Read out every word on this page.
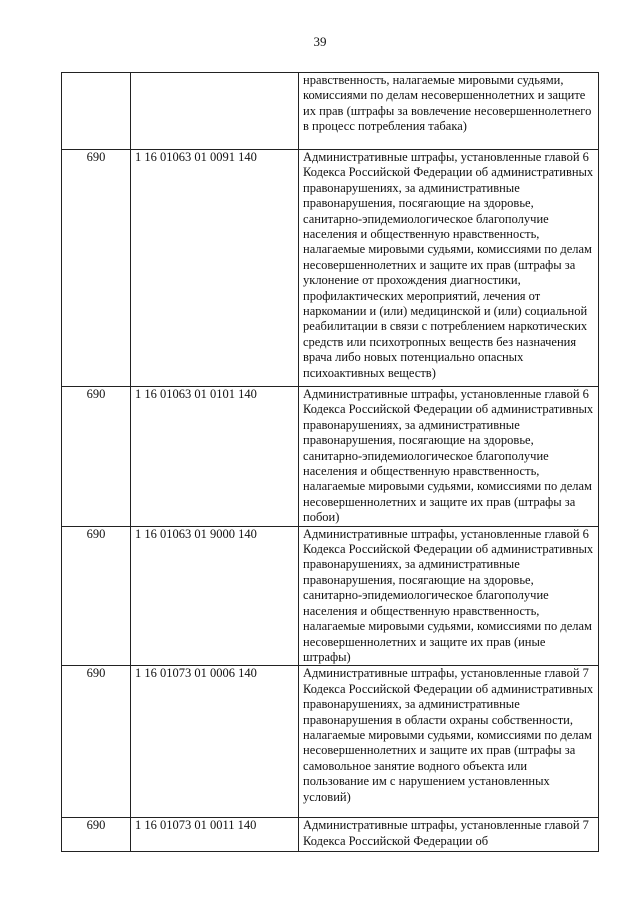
39
		нравственность, налагаемые мировыми судьями, комиссиями по делам несовершеннолетних и защите их прав (штрафы за вовлечение несовершеннолетнего в процесс потребления табака)
690	1 16 01063 01 0091 140	Административные штрафы, установленные главой 6 Кодекса Российской Федерации об административных правонарушениях, за административные правонарушения, посягающие на здоровье, санитарно-эпидемиологическое благополучие населения и общественную нравственность, налагаемые мировыми судьями, комиссиями по делам несовершеннолетних и защите их прав (штрафы за уклонение от прохождения диагностики, профилактических мероприятий, лечения от наркомании и (или) медицинской и (или) социальной реабилитации в связи с потреблением наркотических средств или психотропных веществ без назначения врача либо новых потенциально опасных психоактивных веществ)
690	1 16 01063 01 0101 140	Административные штрафы, установленные главой 6 Кодекса Российской Федерации об административных правонарушениях, за административные правонарушения, посягающие на здоровье, санитарно-эпидемиологическое благополучие населения и общественную нравственность, налагаемые мировыми судьями, комиссиями по делам несовершеннолетних и защите их прав (штрафы за побои)
690	1 16 01063 01 9000 140	Административные штрафы, установленные главой 6 Кодекса Российской Федерации об административных правонарушениях, за административные правонарушения, посягающие на здоровье, санитарно-эпидемиологическое благополучие населения и общественную нравственность, налагаемые мировыми судьями, комиссиями по делам несовершеннолетних и защите их прав (иные штрафы)
690	1 16 01073 01 0006 140	Административные штрафы, установленные главой 7 Кодекса Российской Федерации об административных правонарушениях, за административные правонарушения в области охраны собственности, налагаемые мировыми судьями, комиссиями по делам несовершеннолетних и защите их прав (штрафы за самовольное занятие водного объекта или пользование им с нарушением установленных условий)
690	1 16 01073 01 0011 140	Административные штрафы, установленные главой 7 Кодекса Российской Федерации об
